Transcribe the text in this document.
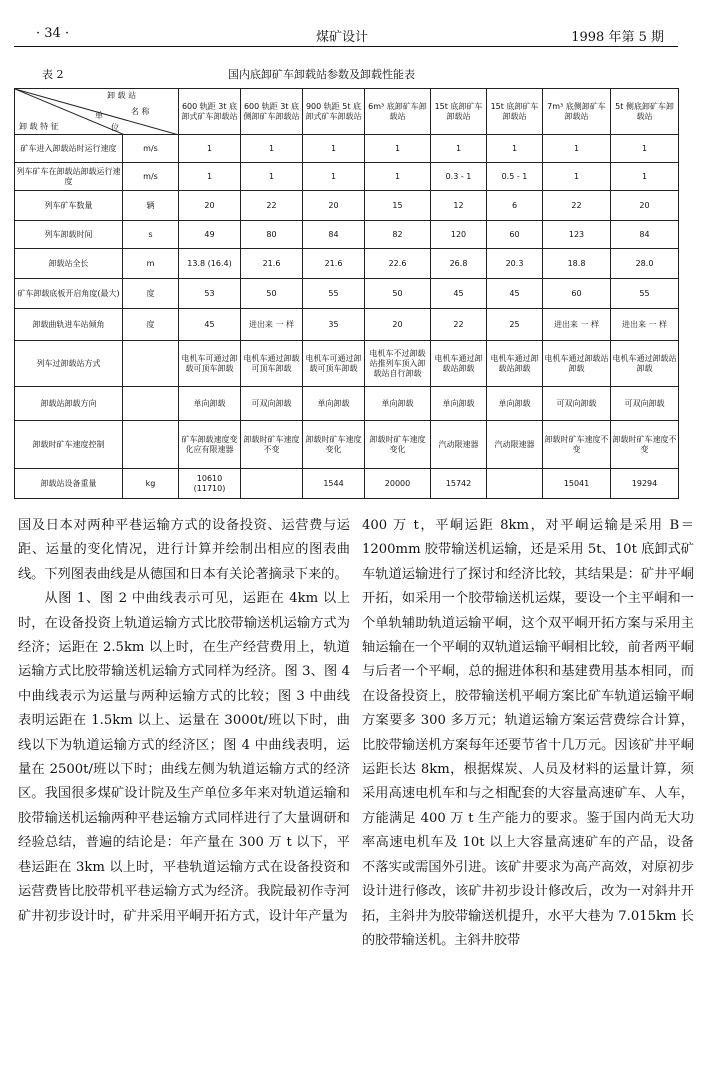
· 34 ·	煤矿设计	1998 年第 5 期
表 2	国内底卸矿车卸载站参数及卸载性能表
卸 载 站
名 称
单
位
卸 载 特 征		600 轨距 3t 底卸式矿车卸载站	600 轨距 3t 底侧卸矿车卸载站	900 轨距 5t 底卸式矿车卸载站	6m³ 底卸矿车卸载站	15t 底卸矿车卸载站	15t 底卸矿车卸载站	7m³ 底侧卸矿车卸载站	5t 侧底卸矿车卸载站
矿车进入卸载站时运行速度	m/s	1	1	1	1	1	1	1	1
列车矿车在卸载站卸载运行速度	m/s	1	1	1	1	0.3 - 1	0.5 - 1	1	1
列车矿车数量	辆	20	22	20	15	12	6	22	20
列车卸载时间	s	49	80	84	82	120	60	123	84
卸载站全长	m	13.8 (16.4)	21.6	21.6	22.6	26.8	20.3	18.8	28.0
矿车卸载底板开启角度(最大)	度	53	50	55	50	45	45	60	55
卸载曲轨进车站倾角	度	45	进出来 一 样	35	20	22	25	进出来 一 样	进出来 一 样
列车过卸载站方式		电机车可通过卸载可顶车卸载	电机车通过卸载可顶车卸载	电机车可通过卸载可顶车卸载	电机车不过卸载站推列车顶入卸载站自行卸载	电机车通过卸载站卸载	电机车通过卸载站卸载	电机车通过卸载站卸载	电机车通过卸载站卸载
卸载站卸载方向		单向卸载	可双向卸载	单向卸载	单向卸载	单向卸载	单向卸载	可双向卸载	可双向卸载
卸载时矿车速度控制		矿车卸载速度变化应有限速器	卸载时矿车速度不变	卸载时矿车速度变化	卸载时矿车速度变化	汽动限速器	汽动限速器	卸载时矿车速度不变	卸载时矿车速度不变
卸载站设备重量	kg	10610 (11710)		1544	20000	15742		15041	19294

国及日本对两种平巷运输方式的设备投资、运营费与运距、运量的变化情况，进行计算并绘制出相应的图表曲线。下列图表曲线是从德国和日本有关论著摘录下来的。

从图 1、图 2 中曲线表示可见，运距在 4km 以上时，在设备投资上轨道运输方式比胶带输送机运输方式为经济；运距在 2.5km 以上时，在生产经营费用上，轨道运输方式比胶带输送机运输方式同样为经济。图 3、图 4 中曲线表示为运量与两种运输方式的比较；图 3 中曲线表明运距在 1.5km 以上、运量在 3000t/班以下时，曲线以下为轨道运输方式的经济区；图 4 中曲线表明，运量在 2500t/班以下时；曲线左侧为轨道运输方式的经济区。我国很多煤矿设计院及生产单位多年来对轨道运输和胶带输送机运输两种平巷运输方式同样进行了大量调研和经验总结，普遍的结论是：年产量在 300 万 t 以下，平巷运距在 3km 以上时，平巷轨道运输方式在设备投资和运营费皆比胶带机平巷运输方式为经济。我院最初作寺河矿井初步设计时，矿井采用平峒开拓方式，设计年产量为

400 万 t，平峒运距 8km，对平峒运输是采用 B＝1200mm 胶带输送机运输，还是采用 5t、10t 底卸式矿车轨道运输进行了探讨和经济比较，其结果是：矿井平峒开拓，如采用一个胶带输送机运煤，要设一个主平峒和一个单轨辅助轨道运输平峒，这个双平峒开拓方案与采用主轴运输在一个平峒的双轨道运输平峒相比较，前者两平峒与后者一个平峒，总的掘进体积和基建费用基本相同，而在设备投资上，胶带输送机平峒方案比矿车轨道运输平峒方案要多 300 多万元；轨道运输方案运营费综合计算，比胶带输送机方案每年还要节省十几万元。因该矿井平峒运距长达 8km，根据煤炭、人员及材料的运量计算，须采用高速电机车和与之相配套的大容量高速矿车、人车，方能满足 400 万 t 生产能力的要求。鉴于国内尚无大功率高速电机车及 10t 以上大容量高速矿车的产品，设备不落实或需国外引进。该矿井要求为高产高效，对原初步设计进行修改，该矿井初步设计修改后，改为一对斜井开拓，主斜井为胶带输送机提升，水平大巷为 7.015km 长的胶带输送机。主斜井胶带
